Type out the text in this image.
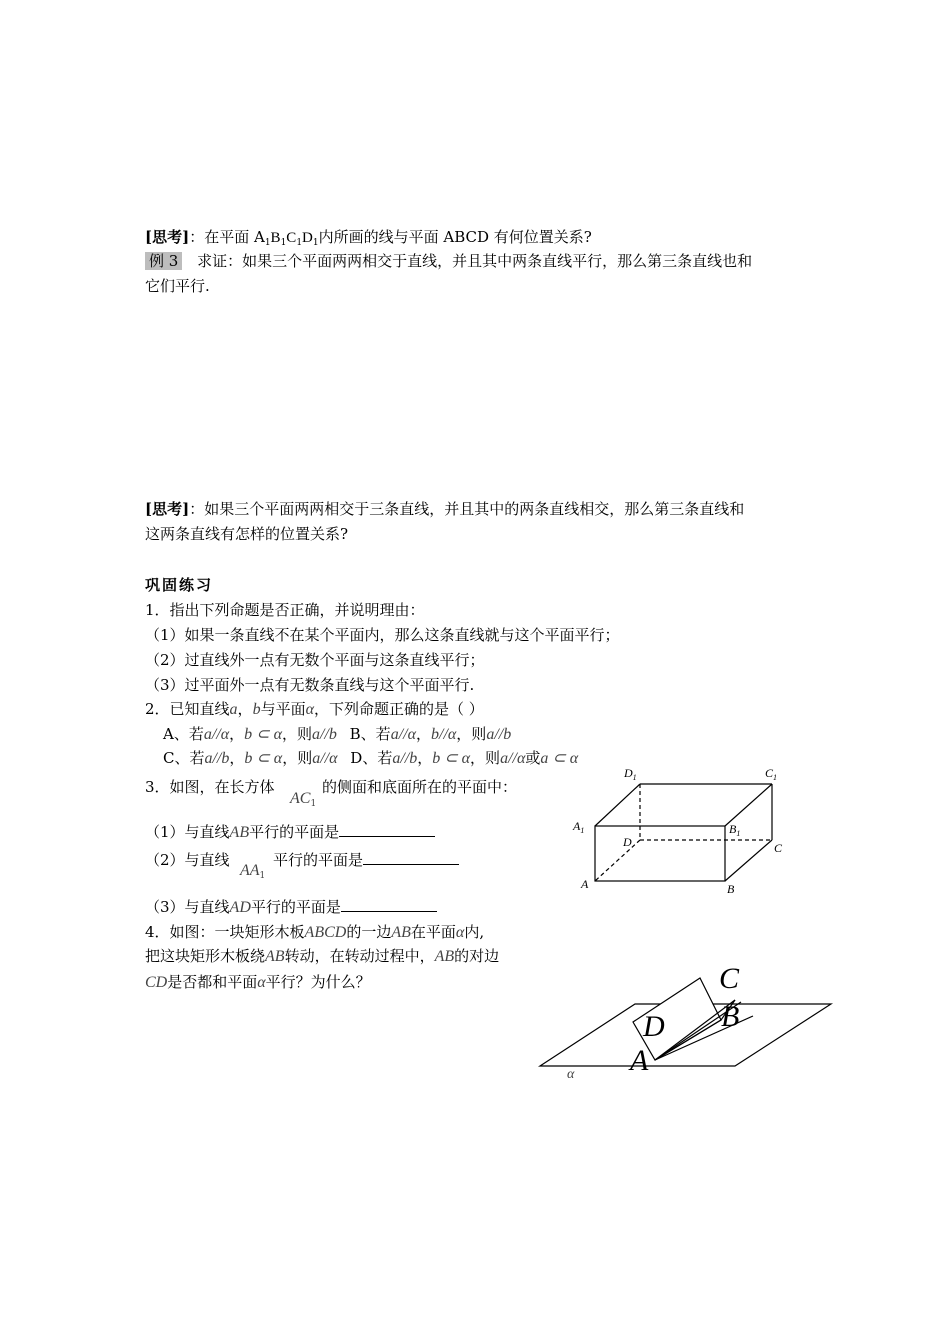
[思考]：在平面 $A_1B_1C_1D_1$内所画的线与平面 ABCD 有何位置关系?
例 3 求证：如果三个平面两两相交于直线，并且其中两条直线平行，那么第三条直线也和
它们平行.
[思考]：如果三个平面两两相交于三条直线，并且其中的两条直线相交，那么第三条直线和
这两条直线有怎样的位置关系?
巩固练习
1．指出下列命题是否正确，并说明理由：
（1）如果一条直线不在某个平面内，那么这条直线就与这个平面平行；
（2）过直线外一点有无数个平面与这条直线平行；
（3）过平面外一点有无数条直线与这个平面平行.
2．已知直线a，b与平面α，下列命题正确的是（ ）
A、若a//α，b ⊂ α，则a//b B、若a//α，b//α，则a//b
C、若a//b，b ⊂ α，则a//α D、若a//b，b ⊂ α，则a//α或a ⊂ α
3．如图，在长方体
$AC_1$
的侧面和底面所在的平面中：
（1）与直线AB平行的平面是
（2）与直线
$AA_1$
平行的平面是
（3）与直线AD平行的平面是
4．如图：一块矩形木板ABCD的一边AB在平面α内,
把这块矩形木板绕AB转动，在转动过程中，AB的对边
CD是否都和平面α平行？为什么？
$D_1$	$C_1$
$A_1$	$B_1$
D	C
A	B
C
D B
A
α
